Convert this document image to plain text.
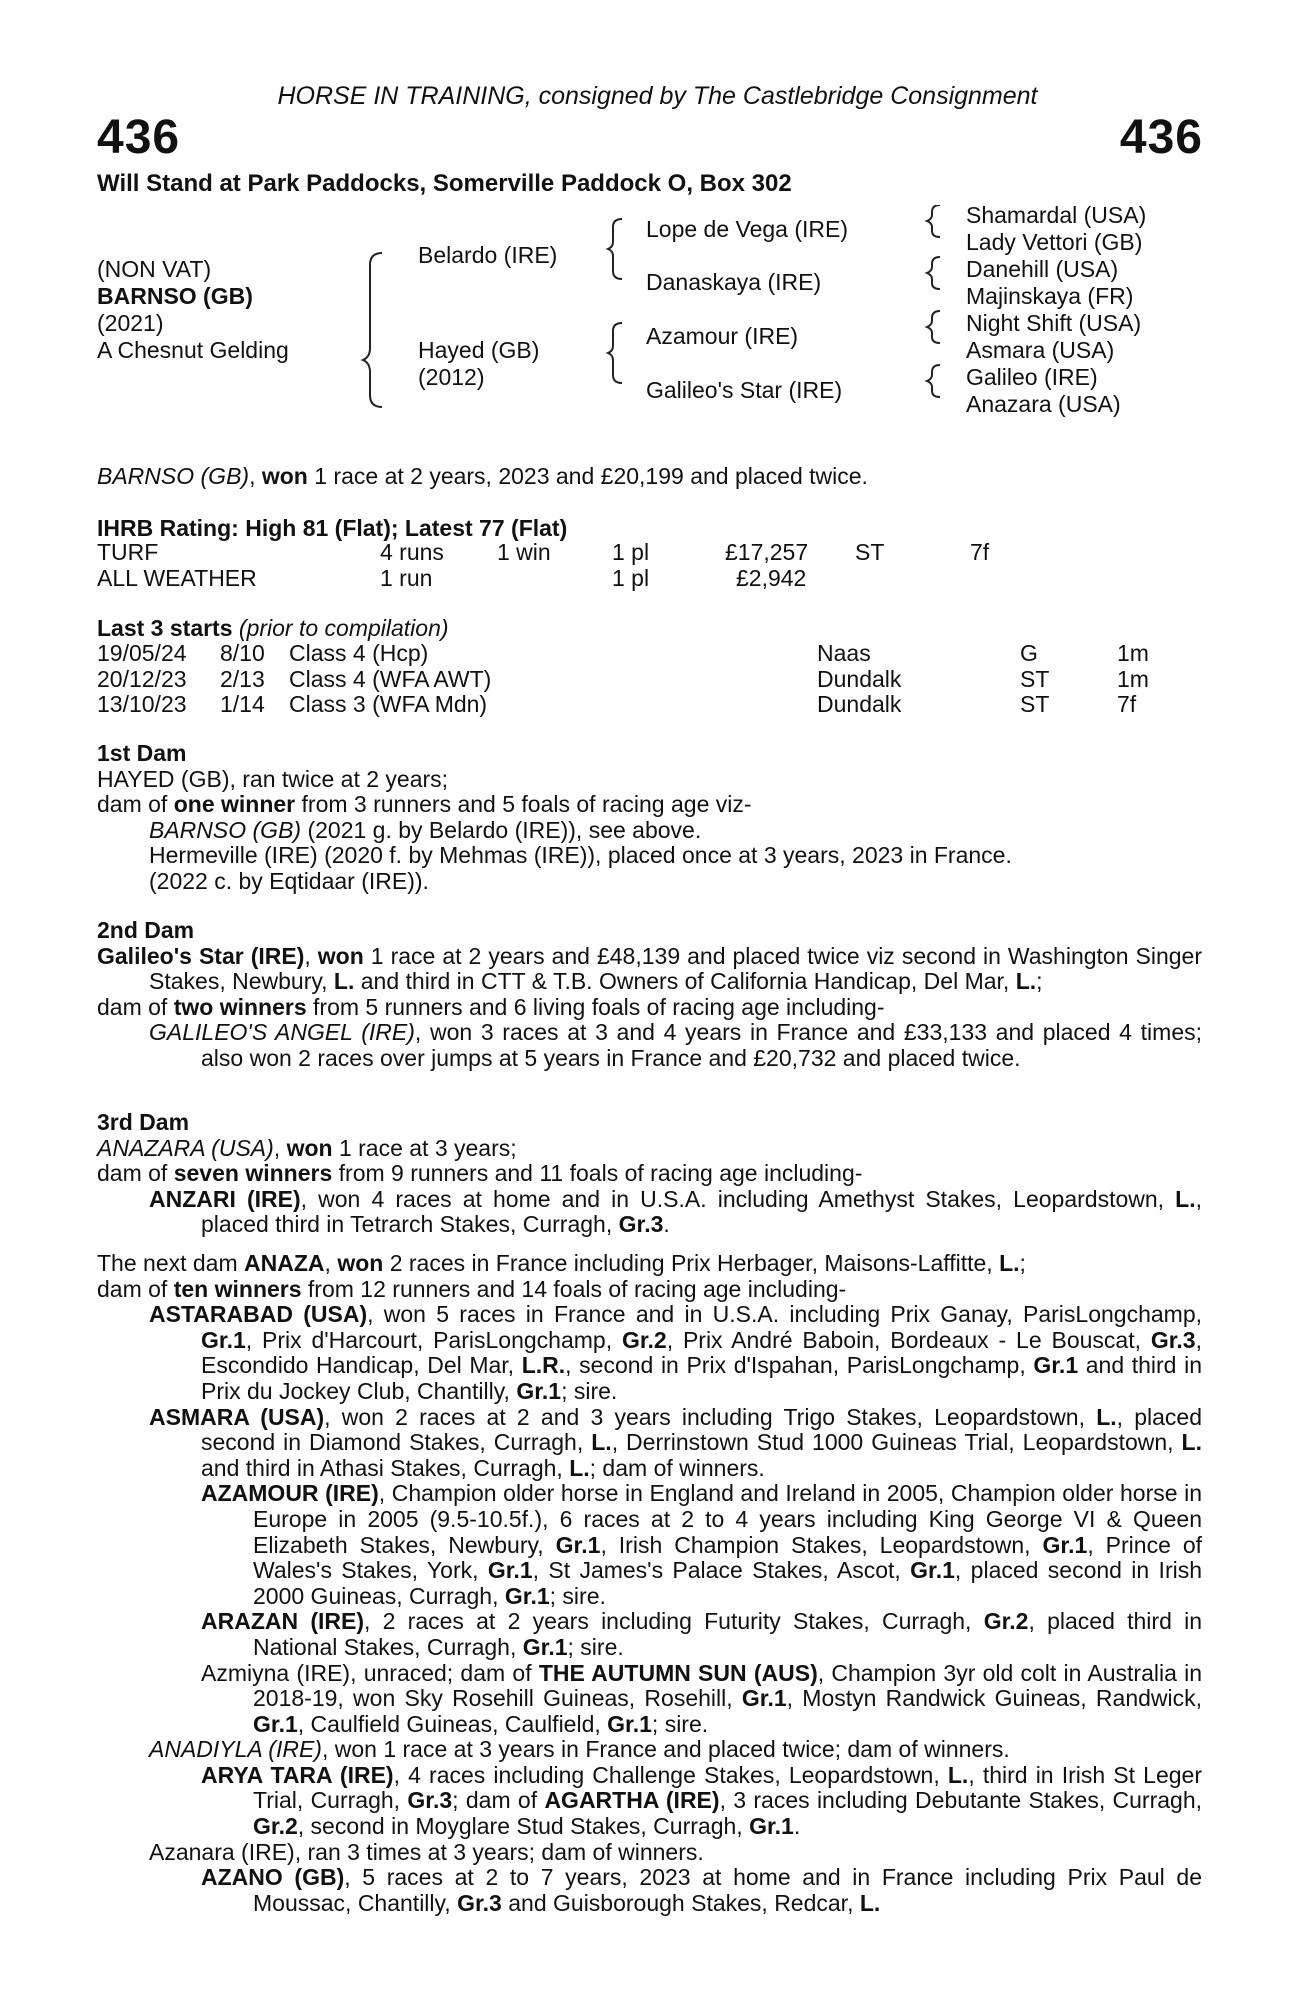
HORSE IN TRAINING, consigned by The Castlebridge Consignment
436	436
Will Stand at Park Paddocks, Somerville Paddock O, Box 302
(NON VAT)
BARNSO (GB)
(2021)
A Chesnut Gelding
Belardo (IRE)
Hayed (GB)
(2012)
Lope de Vega (IRE)
Danaskaya (IRE)
Azamour (IRE)
Galileo's Star (IRE)
Shamardal (USA)
Lady Vettori (GB)
Danehill (USA)
Majinskaya (FR)
Night Shift (USA)
Asmara (USA)
Galileo (IRE)
Anazara (USA)
BARNSO (GB), won 1 race at 2 years, 2023 and £20,199 and placed twice.
IHRB Rating: High 81 (Flat); Latest 77 (Flat)
TURF	4 runs 1 win	1 pl	£17,257 ST	7f
ALL WEATHER	1 run	1 pl	£2,942
Last 3 starts (prior to compilation)
19/05/24 8/10 Class 4 (Hcp)	Naas	G	1m
20/12/23 2/13 Class 4 (WFA AWT)	Dundalk	ST	1m
13/10/23 1/14 Class 3 (WFA Mdn)	Dundalk	ST	7f

1st Dam

HAYED (GB), ran twice at 2 years;

dam of one winner from 3 runners and 5 foals of racing age viz-

BARNSO (GB) (2021 g. by Belardo (IRE)), see above.

Hermeville (IRE) (2020 f. by Mehmas (IRE)), placed once at 3 years, 2023 in France.

(2022 c. by Eqtidaar (IRE)).

2nd Dam

Galileo's Star (IRE), won 1 race at 2 years and £48,139 and placed twice viz second in Washington Singer Stakes, Newbury, L. and third in CTT & T.B. Owners of California Handicap, Del Mar, L.;

dam of two winners from 5 runners and 6 living foals of racing age including-

GALILEO'S ANGEL (IRE), won 3 races at 3 and 4 years in France and £33,133 and placed 4 times; also won 2 races over jumps at 5 years in France and £20,732 and placed twice.

3rd Dam

ANAZARA (USA), won 1 race at 3 years;

dam of seven winners from 9 runners and 11 foals of racing age including-

ANZARI (IRE), won 4 races at home and in U.S.A. including Amethyst Stakes, Leopardstown, L., placed third in Tetrarch Stakes, Curragh, Gr.3.

The next dam ANAZA, won 2 races in France including Prix Herbager, Maisons-Laffitte, L.;

dam of ten winners from 12 runners and 14 foals of racing age including-

ASTARABAD (USA), won 5 races in France and in U.S.A. including Prix Ganay, ParisLongchamp, Gr.1, Prix d'Harcourt, ParisLongchamp, Gr.2, Prix André Baboin, Bordeaux - Le Bouscat, Gr.3, Escondido Handicap, Del Mar, L.R., second in Prix d'Ispahan, ParisLongchamp, Gr.1 and third in Prix du Jockey Club, Chantilly, Gr.1; sire.

ASMARA (USA), won 2 races at 2 and 3 years including Trigo Stakes, Leopardstown, L., placed second in Diamond Stakes, Curragh, L., Derrinstown Stud 1000 Guineas Trial, Leopardstown, L. and third in Athasi Stakes, Curragh, L.; dam of winners.

AZAMOUR (IRE), Champion older horse in England and Ireland in 2005, Champion older horse in Europe in 2005 (9.5-10.5f.), 6 races at 2 to 4 years including King George VI & Queen Elizabeth Stakes, Newbury, Gr.1, Irish Champion Stakes, Leopardstown, Gr.1, Prince of Wales's Stakes, York, Gr.1, St James's Palace Stakes, Ascot, Gr.1, placed second in Irish 2000 Guineas, Curragh, Gr.1; sire.

ARAZAN (IRE), 2 races at 2 years including Futurity Stakes, Curragh, Gr.2, placed third in National Stakes, Curragh, Gr.1; sire.

Azmiyna (IRE), unraced; dam of THE AUTUMN SUN (AUS), Champion 3yr old colt in Australia in 2018-19, won Sky Rosehill Guineas, Rosehill, Gr.1, Mostyn Randwick Guineas, Randwick, Gr.1, Caulfield Guineas, Caulfield, Gr.1; sire.

ANADIYLA (IRE), won 1 race at 3 years in France and placed twice; dam of winners.

ARYA TARA (IRE), 4 races including Challenge Stakes, Leopardstown, L., third in Irish St Leger Trial, Curragh, Gr.3; dam of AGARTHA (IRE), 3 races including Debutante Stakes, Curragh, Gr.2, second in Moyglare Stud Stakes, Curragh, Gr.1.

Azanara (IRE), ran 3 times at 3 years; dam of winners.

AZANO (GB), 5 races at 2 to 7 years, 2023 at home and in France including Prix Paul de Moussac, Chantilly, Gr.3 and Guisborough Stakes, Redcar, L.
